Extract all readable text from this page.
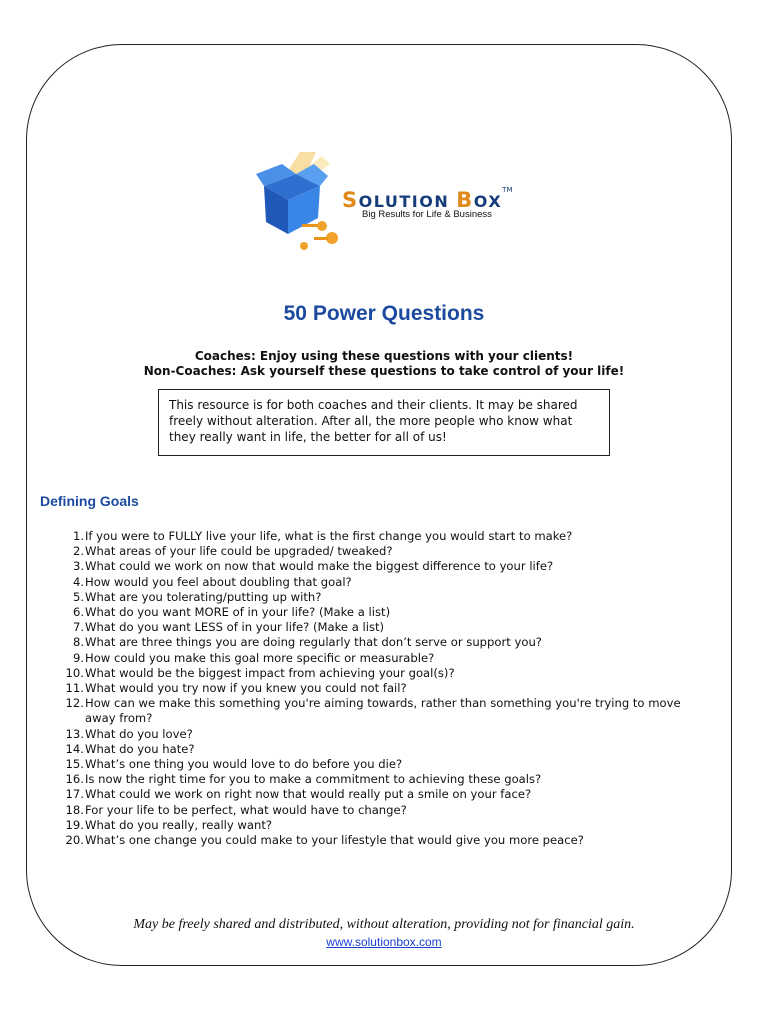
SOLUTION BOX™
Big Results for Life & Business
50 Power Questions
Coaches: Enjoy using these questions with your clients!
Non-Coaches: Ask yourself these questions to take control of your life!
This resource is for both coaches and their clients. It may be shared freely without alteration. After all, the more people who know what they really want in life, the better for all of us!
Defining Goals
1. If you were to FULLY live your life, what is the first change you would start to make?
2. What areas of your life could be upgraded/ tweaked?
3. What could we work on now that would make the biggest difference to your life?
4. How would you feel about doubling that goal?
5. What are you tolerating/putting up with?
6. What do you want MORE of in your life? (Make a list)
7. What do you want LESS of in your life? (Make a list)
8. What are three things you are doing regularly that don’t serve or support you?
9. How could you make this goal more specific or measurable?
10. What would be the biggest impact from achieving your goal(s)?
11. What would you try now if you knew you could not fail?
12. How can we make this something you're aiming towards, rather than something you're trying to move away from?
13. What do you love?
14. What do you hate?
15. What’s one thing you would love to do before you die?
16. Is now the right time for you to make a commitment to achieving these goals?
17. What could we work on right now that would really put a smile on your face?
18. For your life to be perfect, what would have to change?
19. What do you really, really want?
20. What’s one change you could make to your lifestyle that would give you more peace?
May be freely shared and distributed, without alteration, providing not for financial gain.
www.solutionbox.com
